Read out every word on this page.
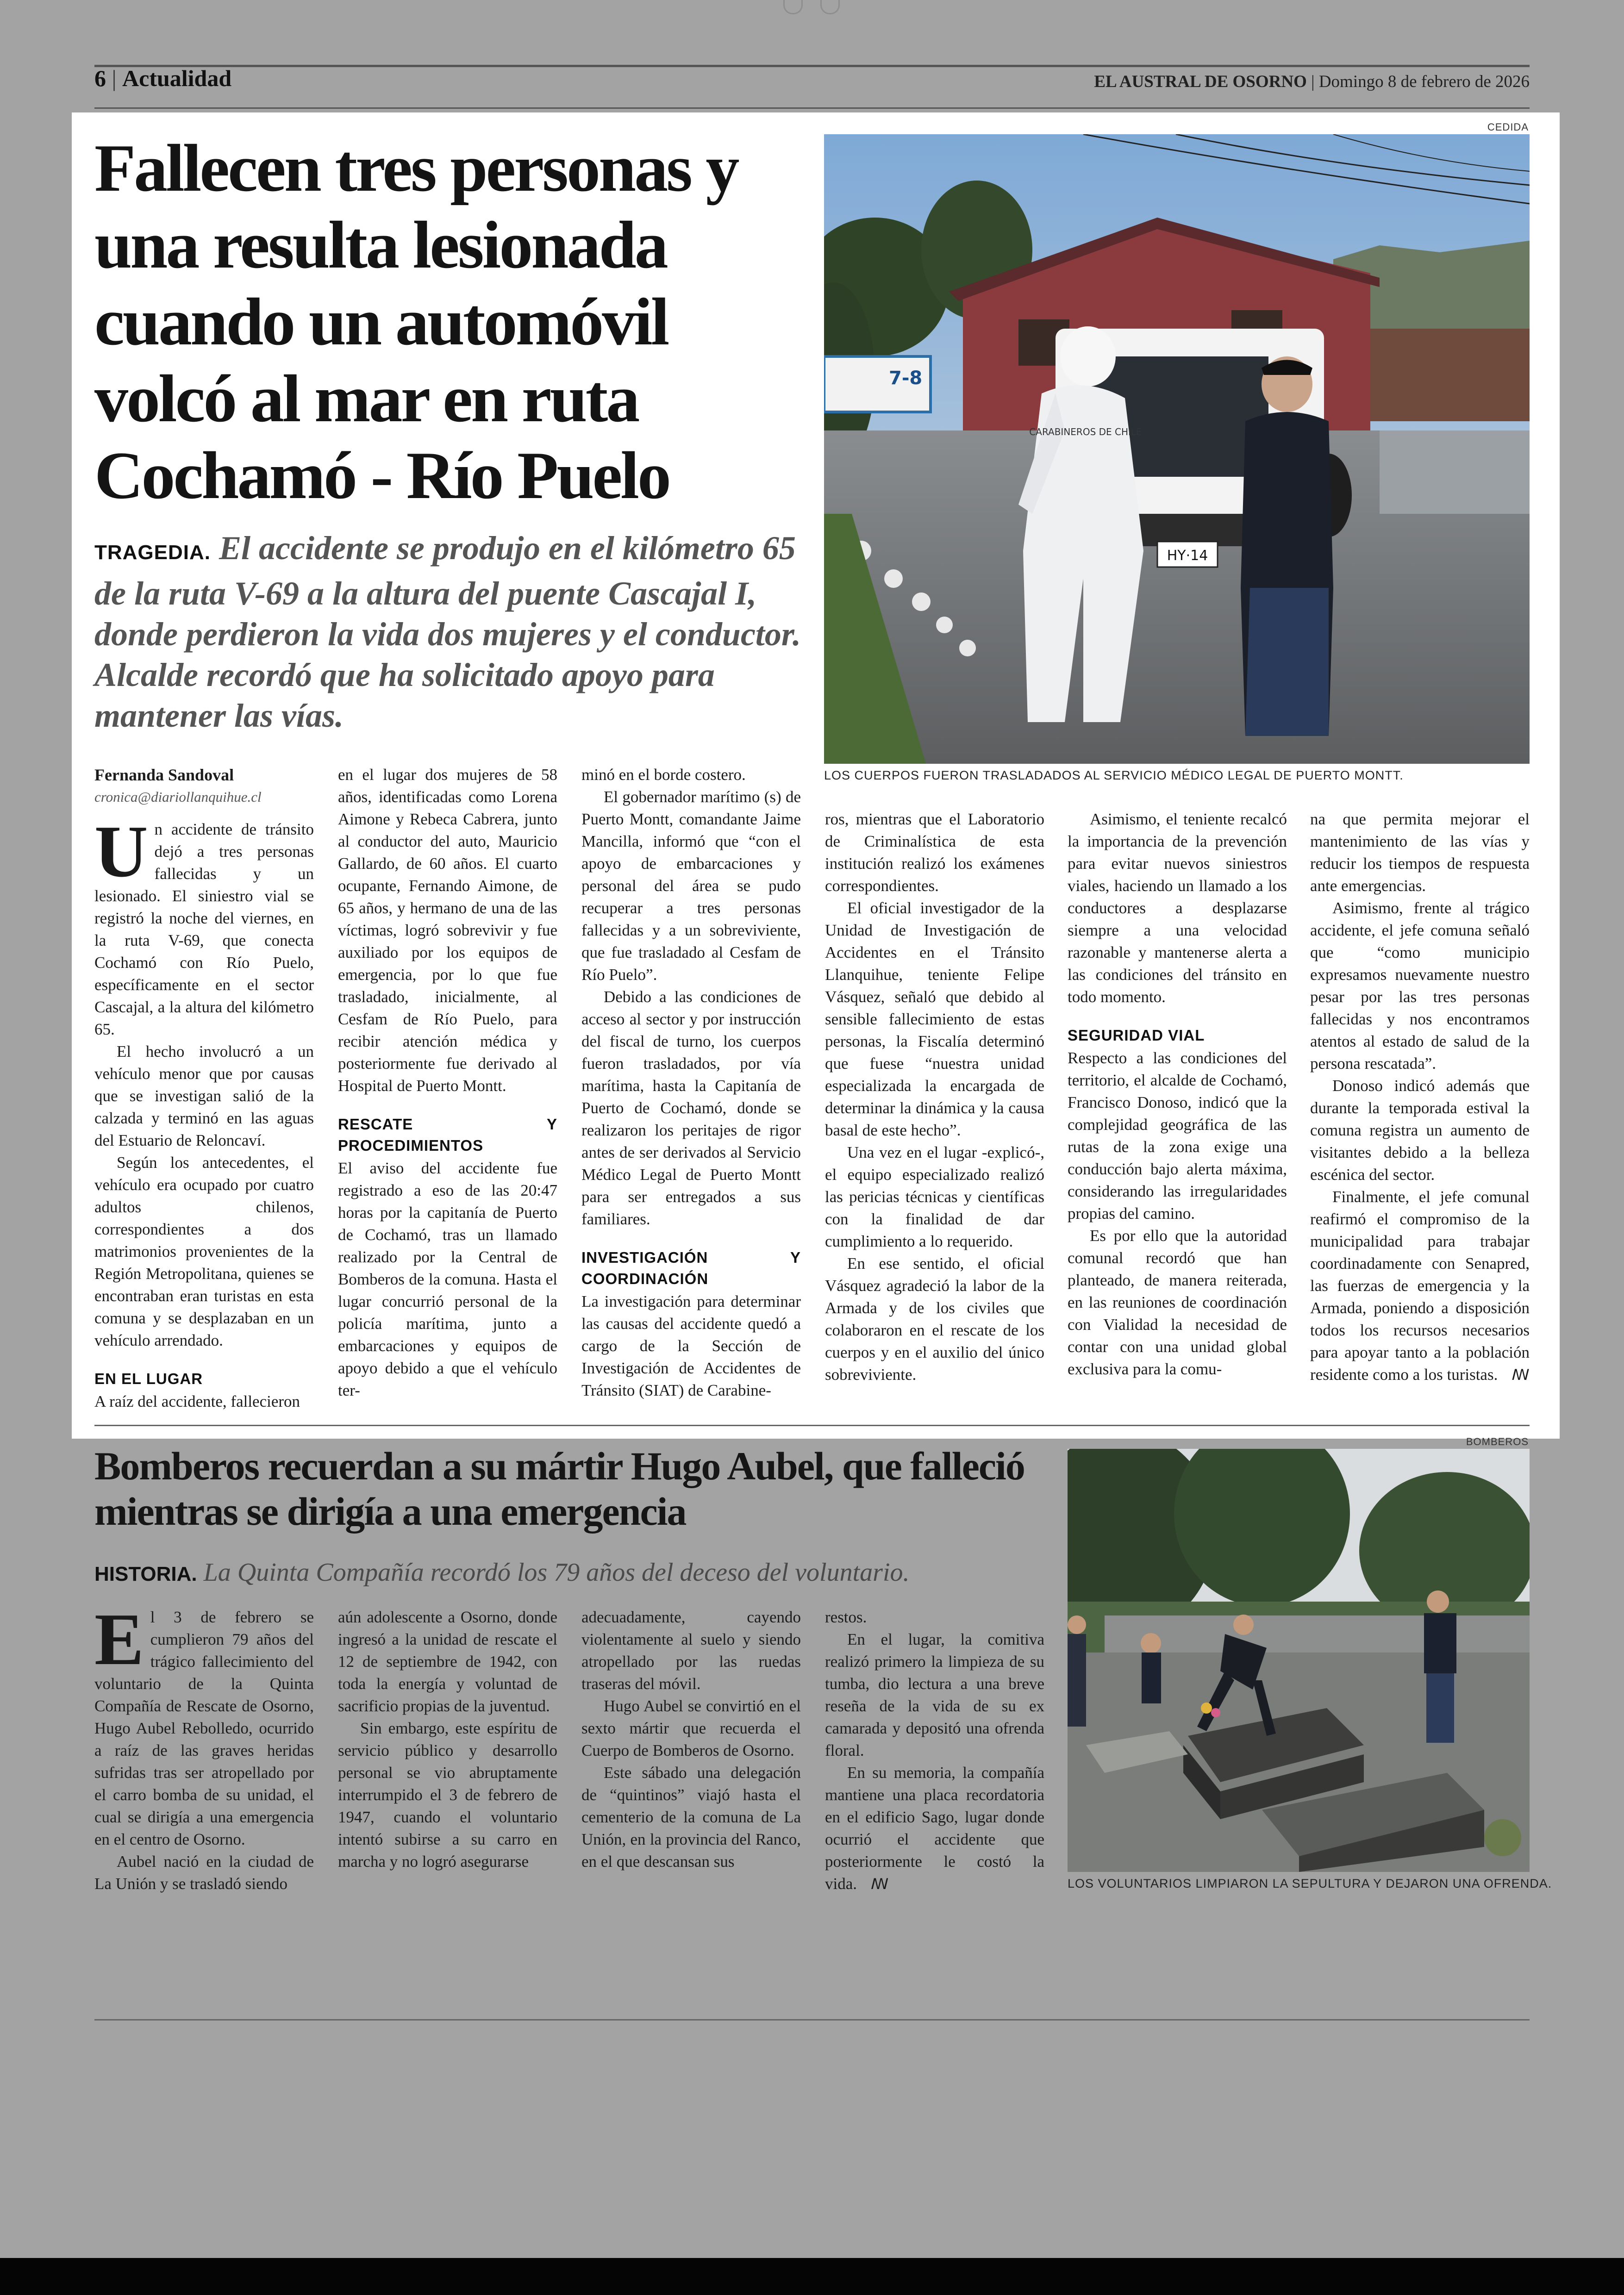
6 | Actualidad	EL AUSTRAL DE OSORNO | Domingo 8 de febrero de 2026
CEDIDA
Fallecen tres personas y una resulta lesionada cuando un automóvil volcó al mar en ruta Cochamó - Río Puelo
TRAGEDIA. El accidente se produjo en el kilómetro 65 de la ruta V-69 a la altura del puente Cascajal I, donde perdieron la vida dos mujeres y el conductor. Alcalde recordó que ha solicitado apoyo para mantener las vías.
7-8
HY·14
CARABINEROS DE CHILE
LOS CUERPOS FUERON TRASLADADOS AL SERVICIO MÉDICO LEGAL DE PUERTO MONTT.
Fernanda Sandoval
cronica@diariollanquihue.cl

Un accidente de tránsito dejó a tres personas fallecidas y un lesionado. El siniestro vial se registró la noche del viernes, en la ruta V-69, que conecta Cochamó con Río Puelo, específicamente en el sector Cascajal, a la altura del kilómetro 65.

El hecho involucró a un vehículo menor que por causas que se investigan salió de la calzada y terminó en las aguas del Estuario de Reloncaví.

Según los antecedentes, el vehículo era ocupado por cuatro adultos chilenos, correspondientes a dos matrimonios provenientes de la Región Metropolitana, quienes se encontraban eran turistas en esta comuna y se desplazaban en un vehículo arrendado.

EN EL LUGAR

A raíz del accidente, fallecieron

en el lugar dos mujeres de 58 años, identificadas como Lorena Aimone y Rebeca Cabrera, junto al conductor del auto, Mauricio Gallardo, de 60 años. El cuarto ocupante, Fernando Aimone, de 65 años, y hermano de una de las víctimas, logró sobrevivir y fue auxiliado por los equipos de emergencia, por lo que fue trasladado, inicialmente, al Cesfam de Río Puelo, para recibir atención médica y posteriormente fue derivado al Hospital de Puerto Montt.

RESCATE Y PROCEDIMIENTOS

El aviso del accidente fue registrado a eso de las 20:47 horas por la capitanía de Puerto de Cochamó, tras un llamado realizado por la Central de Bomberos de la comuna. Hasta el lugar concurrió personal de la policía marítima, junto a embarcaciones y equipos de apoyo debido a que el vehículo ter-

minó en el borde costero.

El gobernador marítimo (s) de Puerto Montt, comandante Jaime Mancilla, informó que “con el apoyo de embarcaciones y personal del área se pudo recuperar a tres personas fallecidas y a un sobreviviente, que fue trasladado al Cesfam de Río Puelo”.

Debido a las condiciones de acceso al sector y por instrucción del fiscal de turno, los cuerpos fueron trasladados, por vía marítima, hasta la Capitanía de Puerto de Cochamó, donde se realizaron los peritajes de rigor antes de ser derivados al Servicio Médico Legal de Puerto Montt para ser entregados a sus familiares.

INVESTIGACIÓN Y COORDINACIÓN

La investigación para determinar las causas del accidente quedó a cargo de la Sección de Investigación de Accidentes de Tránsito (SIAT) de Carabine-

ros, mientras que el Laboratorio de Criminalística de esta institución realizó los exámenes correspondientes.

El oficial investigador de la Unidad de Investigación de Accidentes en el Tránsito Llanquihue, teniente Felipe Vásquez, señaló que debido al sensible fallecimiento de estas personas, la Fiscalía determinó que fuese “nuestra unidad especializada la encargada de determinar la dinámica y la causa basal de este hecho”.

Una vez en el lugar -explicó-, el equipo especializado realizó las pericias técnicas y científicas con la finalidad de dar cumplimiento a lo requerido.

En ese sentido, el oficial Vásquez agradeció la labor de la Armada y de los civiles que colaboraron en el rescate de los cuerpos y en el auxilio del único sobreviviente.

Asimismo, el teniente recalcó la importancia de la prevención para evitar nuevos siniestros viales, haciendo un llamado a los conductores a desplazarse siempre a una velocidad razonable y mantenerse alerta a las condiciones del tránsito en todo momento.

SEGURIDAD VIAL

Respecto a las condiciones del territorio, el alcalde de Cochamó, Francisco Donoso, indicó que la complejidad geográfica de las rutas de la zona exige una conducción bajo alerta máxima, considerando las irregularidades propias del camino.

Es por ello que la autoridad comunal recordó que han planteado, de manera reiterada, en las reuniones de coordinación con Vialidad la necesidad de contar con una unidad global exclusiva para la comu-

na que permita mejorar el mantenimiento de las vías y reducir los tiempos de respuesta ante emergencias.

Asimismo, frente al trágico accidente, el jefe comuna señaló que “como municipio expresamos nuevamente nuestro pesar por las tres personas fallecidas y nos encontramos atentos al estado de salud de la persona rescatada”.

Donoso indicó además que durante la temporada estival la comuna registra un aumento de visitantes debido a la belleza escénica del sector.

Finalmente, el jefe comunal reafirmó el compromiso de la municipalidad para trabajar coordinadamente con Senapred, las fuerzas de emergencia y la Armada, poniendo a disposición todos los recursos necesarios para apoyar tanto a la población residente como a los turistas. ꟿ

BOMBEROS
Bomberos recuerdan a su mártir Hugo Aubel, que falleció mientras se dirigía a una emergencia
HISTORIA. La Quinta Compañía recordó los 79 años del deceso del voluntario.
LOS VOLUNTARIOS LIMPIARON LA SEPULTURA Y DEJARON UNA OFRENDA.

El 3 de febrero se cumplieron 79 años del trágico fallecimiento del voluntario de la Quinta Compañía de Rescate de Osorno, Hugo Aubel Rebolledo, ocurrido a raíz de las graves heridas sufridas tras ser atropellado por el carro bomba de su unidad, el cual se dirigía a una emergencia en el centro de Osorno.

Aubel nació en la ciudad de La Unión y se trasladó siendo

aún adolescente a Osorno, donde ingresó a la unidad de rescate el 12 de septiembre de 1942, con toda la energía y voluntad de sacrificio propias de la juventud.

Sin embargo, este espíritu de servicio público y desarrollo personal se vio abruptamente interrumpido el 3 de febrero de 1947, cuando el voluntario intentó subirse a su carro en marcha y no logró asegurarse

adecuadamente, cayendo violentamente al suelo y siendo atropellado por las ruedas traseras del móvil.

Hugo Aubel se convirtió en el sexto mártir que recuerda el Cuerpo de Bomberos de Osorno.

Este sábado una delegación de “quintinos” viajó hasta el cementerio de la comuna de La Unión, en la provincia del Ranco, en el que descansan sus

restos.

En el lugar, la comitiva realizó primero la limpieza de su tumba, dio lectura a una breve reseña de la vida de su ex camarada y depositó una ofrenda floral.

En su memoria, la compañía mantiene una placa recordatoria en el edificio Sago, lugar donde ocurrió el accidente que posteriormente le costó la vida. ꟿ
